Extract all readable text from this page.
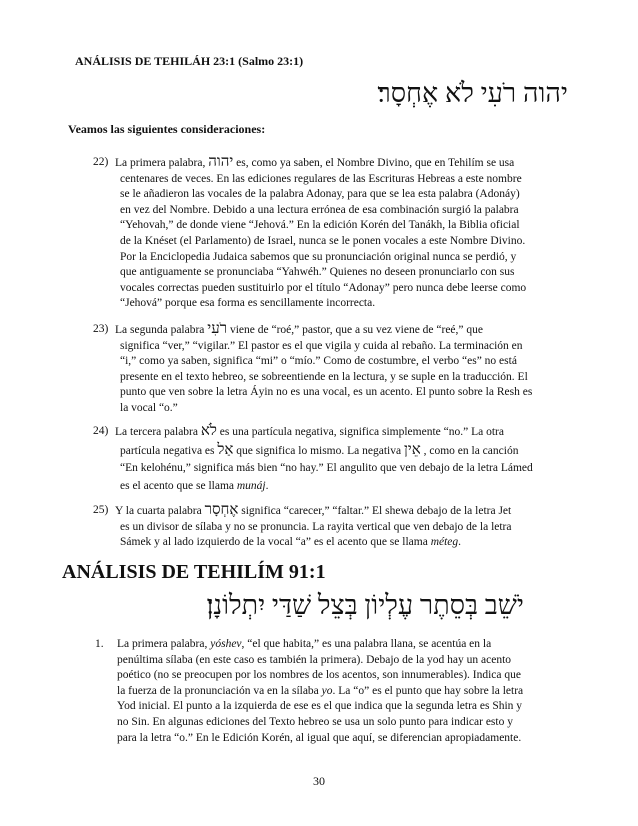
ANÁLISIS DE TEHILÁH 23:1 (Salmo 23:1)
יהוה רֹעִי לֹא אֶחְסָר׃
Veamos las siguientes consideraciones:
22) La primera palabra, יהוה es, como ya saben, el Nombre Divino, que en Tehilím se usa
centenares de veces. En las ediciones regulares de las Escrituras Hebreas a este nombre
se le añadieron las vocales de la palabra Adonay, para que se lea esta palabra (Adonáy)
en vez del Nombre. Debido a una lectura errónea de esa combinación surgió la palabra
“Yehovah,” de donde viene “Jehová.” En la edición Korén del Tanákh, la Biblia oficial
de la Knéset (el Parlamento) de Israel, nunca se le ponen vocales a este Nombre Divino.
Por la Enciclopedia Judaica sabemos que su pronunciación original nunca se perdió, y
que antiguamente se pronunciaba “Yahwéh.” Quienes no deseen pronunciarlo con sus
vocales correctas pueden sustituirlo por el título “Adonay” pero nunca debe leerse como
“Jehová” porque esa forma es sencillamente incorrecta.
23) La segunda palabra רֹעִי viene de “roé,” pastor, que a su vez viene de “reé,” que
significa “ver,” “vigilar.” El pastor es el que vigila y cuida al rebaño. La terminación en
“i,” como ya saben, significa “mi” o “mío.” Como de costumbre, el verbo “es” no está
presente en el texto hebreo, se sobreentiende en la lectura, y se suple en la traducción. El
punto que ven sobre la letra Áyin no es una vocal, es un acento. El punto sobre la Resh es
la vocal “o.”
24) La tercera palabra לֹא es una partícula negativa, significa simplemente “no.” La otra
partícula negativa es אַל que significa lo mismo. La negativa אֵין , como en la canción
“En kelohénu,” significa más bien “no hay.” El angulito que ven debajo de la letra Lámed
es el acento que se llama munáj.
25) Y la cuarta palabra אֶחְסָר significa “carecer,” “faltar.” El shewa debajo de la letra Jet
es un divisor de sílaba y no se pronuncia. La rayita vertical que ven debajo de la letra
Sámek y al lado izquierdo de la vocal “a” es el acento que se llama méteg.
ANÁLISIS DE TEHILÍM 91:1
יֹשֵׁב בְּסֵתֶר עֶלְיוֹן בְּצֵל שַׁדַּי יִתְלוֹנָן׃
1. La primera palabra, yóshev, “el que habita,” es una palabra llana, se acentúa en la
penúltima sílaba (en este caso es también la primera). Debajo de la yod hay un acento
poético (no se preocupen por los nombres de los acentos, son innumerables). Indica que
la fuerza de la pronunciación va en la sílaba yo. La “o” es el punto que hay sobre la letra
Yod inicial. El punto a la izquierda de ese es el que indica que la segunda letra es Shin y
no Sin. En algunas ediciones del Texto hebreo se usa un solo punto para indicar esto y
para la letra “o.” En le Edición Korén, al igual que aquí, se diferencian apropiadamente.
30
